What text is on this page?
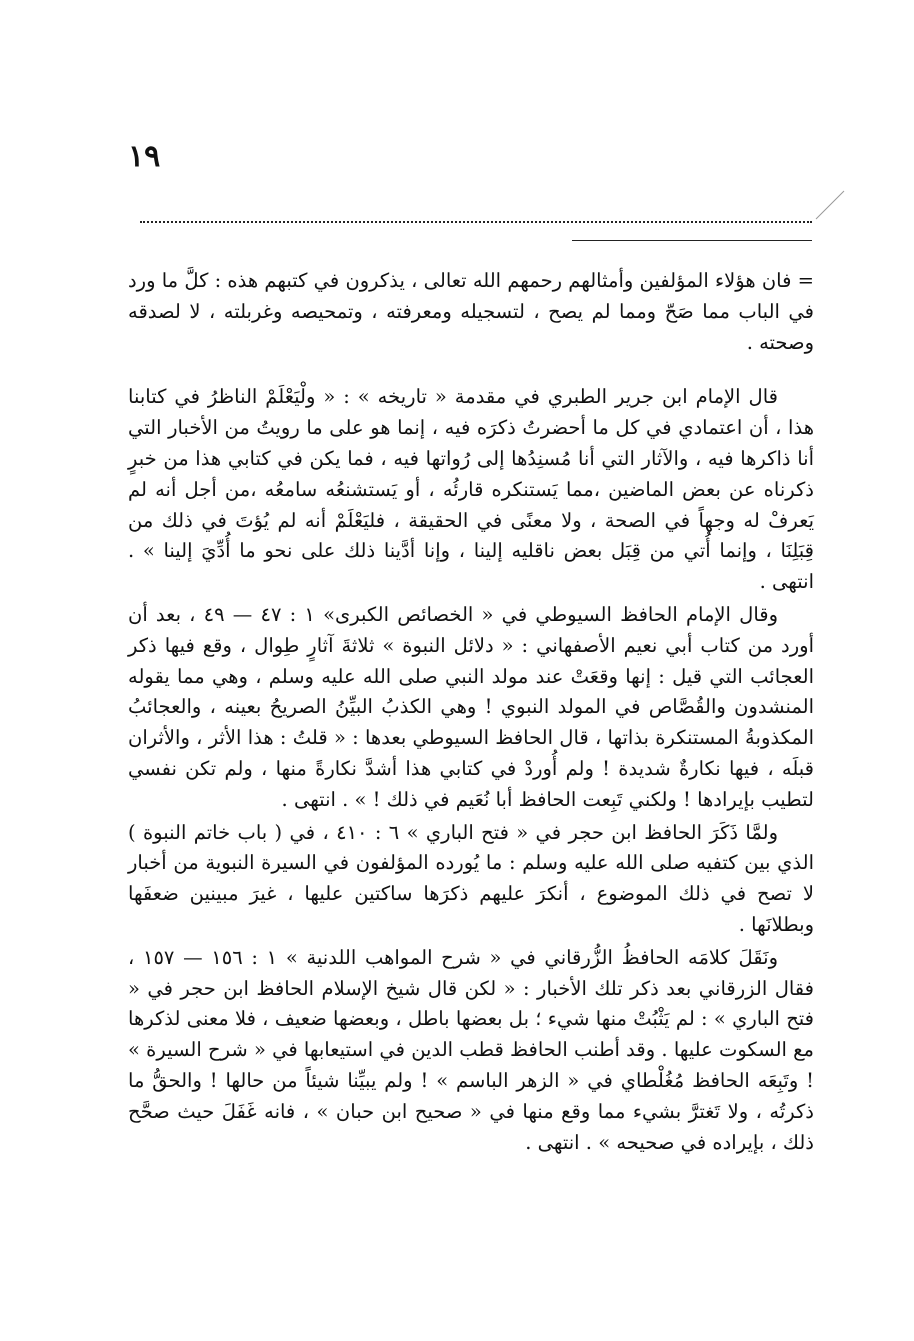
١٩

= فان هؤلاء المؤلفين وأمثالهم رحمهم الله تعالى ، يذكرون في كتبهم هذه : كلَّ ما ورد في الباب مما صَحّ ومما لم يصح ، لتسجيله ومعرفته ، وتمحيصه وغربلته ، لا لصدقه وصحته .

قال الإمام ابن جرير الطبري في مقدمة « تاريخه » : « ولْيَعْلَمْ الناظرُ في كتابنا هذا ، أن اعتمادي في كل ما أحضرتُ ذكرَه فيه ، إنما هو على ما رويتُ من الأخبار التي أنا ذاكرها فيه ، والآثار التي أنا مُسنِدُها إلى رُواتها فيه ، فما يكن في كتابي هذا من خبرٍ ذكرناه عن بعض الماضين ،مما يَستنكره قارئُه ، أو يَستشنعُه سامعُه ،من أجل أنه لم يَعرفْ له وجهاً في الصحة ، ولا معنًى في الحقيقة ، فليَعْلَمْ أنه لم يُؤتَ في ذلك من قِبَلِنَا ، وإنما أُتي من قِبَل بعض ناقليه إلينا ، وإنا أدَّينا ذلك على نحو ما أُدِّيَ إلينا » . انتهى .

وقال الإمام الحافظ السيوطي في « الخصائص الكبرى» ١ : ٤٧ — ٤٩ ، بعد أن أورد من كتاب أبي نعيم الأصفهاني : « دلائل النبوة » ثلاثةَ آثارٍ طِوال ، وقع فيها ذكر العجائب التي قيل : إنها وقعَتْ عند مولد النبي صلى الله عليه وسلم ، وهي مما يقوله المنشدون والقُصَّاص في المولد النبوي ! وهي الكذبُ البيِّنُ الصريحُ بعينه ، والعجائبُ المكذوبةُ المستنكرة بذاتها ، قال الحافظ السيوطي بعدها : « قلتُ : هذا الأثر ، والأثران قبلَه ، فيها نكارةٌ شديدة ! ولم أُوردْ في كتابي هذا أشدَّ نكارةً منها ، ولم تكن نفسي لتطيب بإيرادها ! ولكني تَبِعت الحافظ أبا نُعَيم في ذلك ! » . انتهى .

ولمَّا ذَكَرَ الحافظ ابن حجر في « فتح الباري » ٦ : ٤١٠ ، في ( باب خاتم النبوة ) الذي بين كتفيه صلى الله عليه وسلم : ما يُورده المؤلفون في السيرة النبوية من أخبار لا تصح في ذلك الموضوع ، أنكرَ عليهم ذكرَها ساكتين عليها ، غيرَ مبينين ضعفَها وبطلانَها .

ونَقَلَ كلامَه الحافظُ الزُّرقاني في « شرح المواهب اللدنية » ١ : ١٥٦ — ١٥٧ ، فقال الزرقاني بعد ذكر تلك الأخبار : « لكن قال شيخ الإسلام الحافظ ابن حجر في « فتح الباري » : لم يَثْبُتْ منها شيء ؛ بل بعضها باطل ، وبعضها ضعيف ، فلا معنى لذكرها مع السكوت عليها . وقد أطنب الحافظ قطب الدين في استيعابها في « شرح السيرة » ! وتَبِعَه الحافظ مُغُلْطاي في « الزهر الباسم » ! ولم يبيِّنا شيئاً من حالها ! والحقُّ ما ذكرتُه ، ولا تَغترَّ بشيء مما وقع منها في « صحيح ابن حبان » ، فانه غَفَلَ حيث صحَّح ذلك ، بإيراده في صحيحه » . انتهى .
